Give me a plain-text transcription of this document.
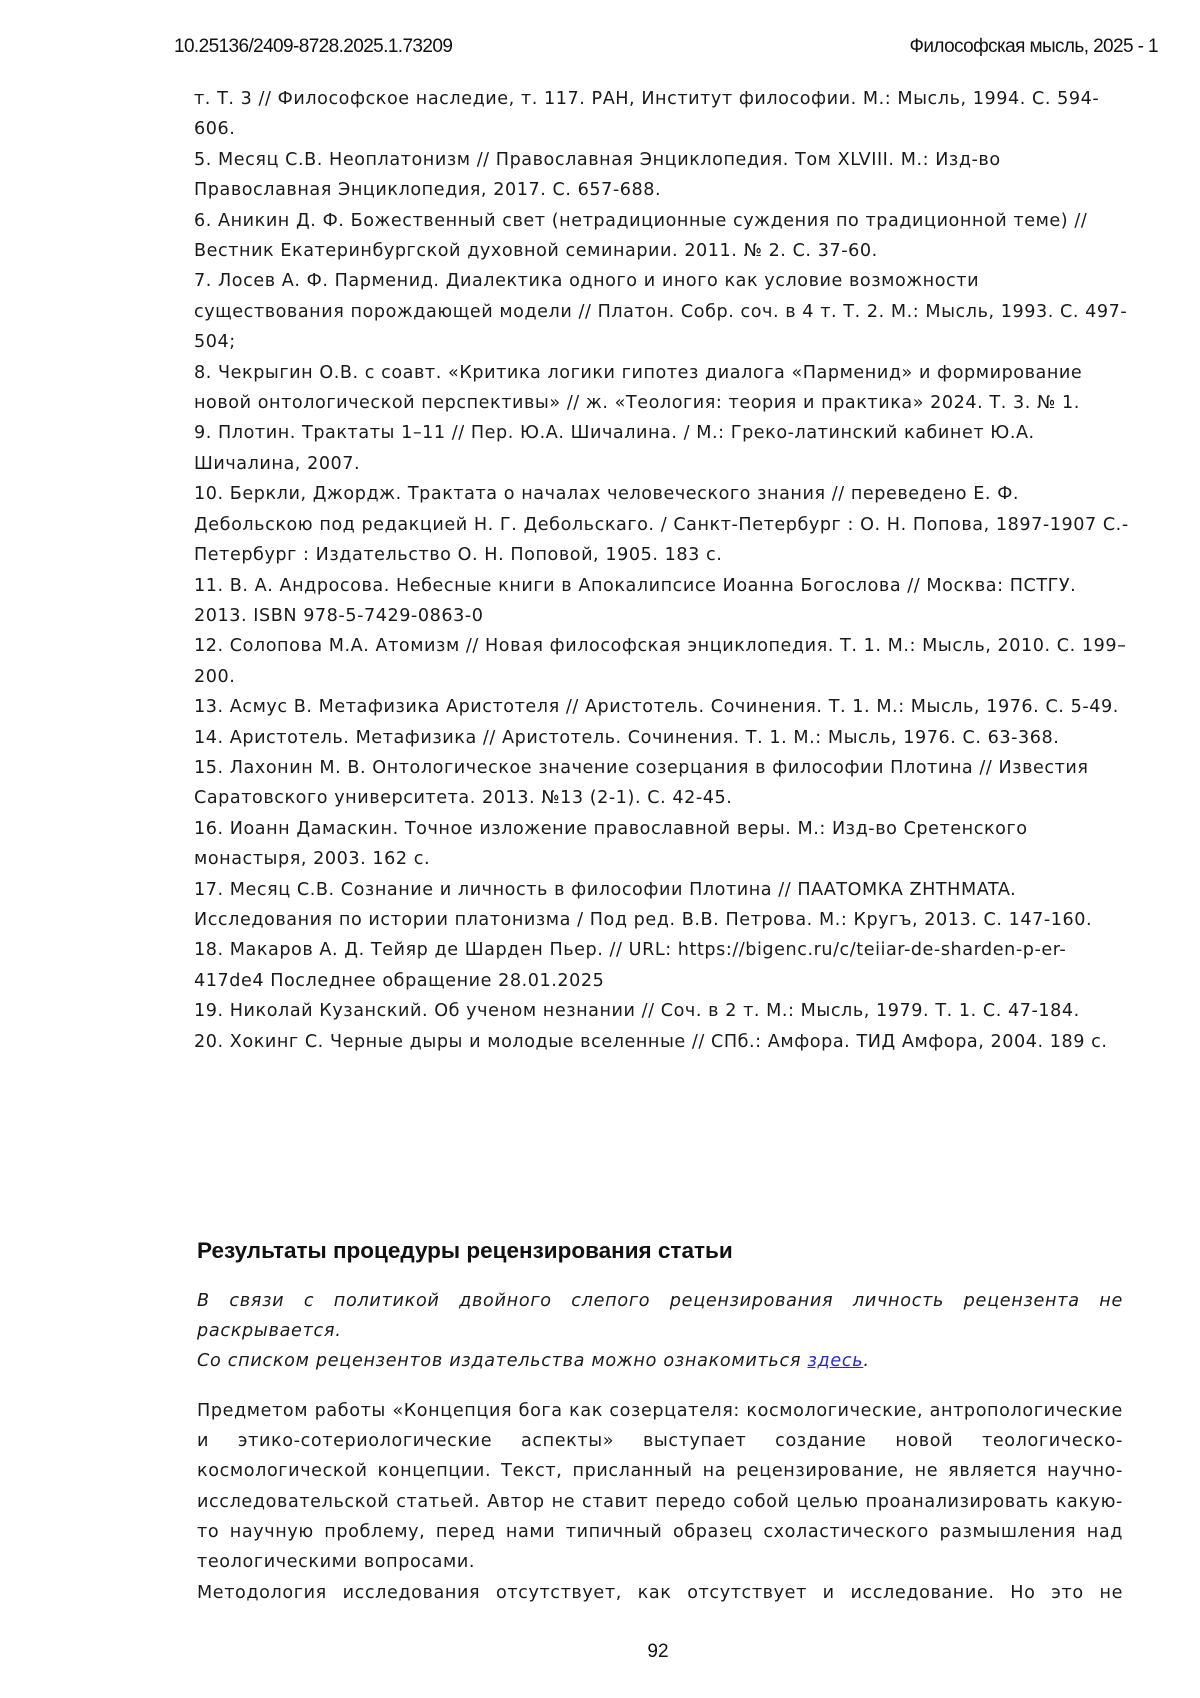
10.25136/2409-8728.2025.1.73209	Философская мысль, 2025 - 1

т. Т. 3 // Философское наследие, т. 117. РАН, Институт философии. М.: Мысль, 1994. С. 594-606.

5. Месяц С.В. Неоплатонизм // Православная Энциклопедия. Том XLVIII. М.: Изд-во Православная Энциклопедия, 2017. С. 657-688.

6. Аникин Д. Ф. Божественный свет (нетрадиционные суждения по традиционной теме) // Вестник Екатеринбургской духовной семинарии. 2011. № 2. С. 37-60.

7. Лосев А. Ф. Парменид. Диалектика одного и иного как условие возможности существования порождающей модели // Платон. Собр. соч. в 4 т. Т. 2. М.: Мысль, 1993. С. 497-504;

8. Чекрыгин О.В. с соавт. «Критика логики гипотез диалога «Парменид» и формирование новой онтологической перспективы» // ж. «Теология: теория и практика» 2024. Т. 3. № 1.

9. Плотин. Трактаты 1–11 // Пер. Ю.А. Шичалина. / М.: Греко-латинский кабинет Ю.А. Шичалина, 2007.

10. Беркли, Джордж. Трактата о началах человеческого знания // переведено Е. Ф. Дебольскою под редакцией Н. Г. Дебольскаго. / Санкт-Петербург : О. Н. Попова, 1897-1907 С.-Петербург : Издательство О. Н. Поповой, 1905. 183 с.

11. В. А. Андросова. Небесные книги в Апокалипсисе Иоанна Богослова // Москва: ПСТГУ. 2013. ISBN 978-5-7429-0863-0

12. Солопова М.А. Атомизм // Новая философская энциклопедия. Т. 1. М.: Мысль, 2010. С. 199–200.

13. Асмус В. Метафизика Аристотеля // Аристотель. Сочинения. Т. 1. М.: Мысль, 1976. С. 5-49.

14. Аристотель. Метафизика // Аристотель. Сочинения. Т. 1. М.: Мысль, 1976. С. 63-368.

15. Лахонин М. В. Онтологическое значение созерцания в философии Плотина // Известия Саратовского университета. 2013. №13 (2-1). С. 42-45.

16. Иоанн Дамаскин. Точное изложение православной веры. М.: Изд-во Сретенского монастыря, 2003. 162 с.

17. Месяц С.В. Сознание и личность в философии Плотина // ПААТОМКА ZHTHMATA. Исследования по истории платонизма / Под ред. В.В. Петрова. М.: Кругъ, 2013. С. 147-160.

18. Макаров А. Д. Тейяр де Шарден Пьер. // URL: https://bigenc.ru/c/teiiar-de-sharden-p-er-417de4 Последнее обращение 28.01.2025

19. Николай Кузанский. Об ученом незнании // Соч. в 2 т. М.: Мысль, 1979. Т. 1. С. 47-184.

20. Хокинг С. Черные дыры и молодые вселенные // СПб.: Амфора. ТИД Амфора, 2004. 189 с.

Результаты процедуры рецензирования статьи

В связи с политикой двойного слепого рецензирования личность рецензента не раскрывается.

Со списком рецензентов издательства можно ознакомиться здесь.

Предметом работы «Концепция бога как созерцателя: космологические, антропологические и этико-сотериологические аспекты» выступает создание новой теологическо-космологической концепции. Текст, присланный на рецензирование, не является научно-исследовательской статьей. Автор не ставит передо собой целью проанализировать какую-то научную проблему, перед нами типичный образец схоластического размышления над теологическими вопросами.

Методология исследования отсутствует, как отсутствует и исследование. Но это не

92
